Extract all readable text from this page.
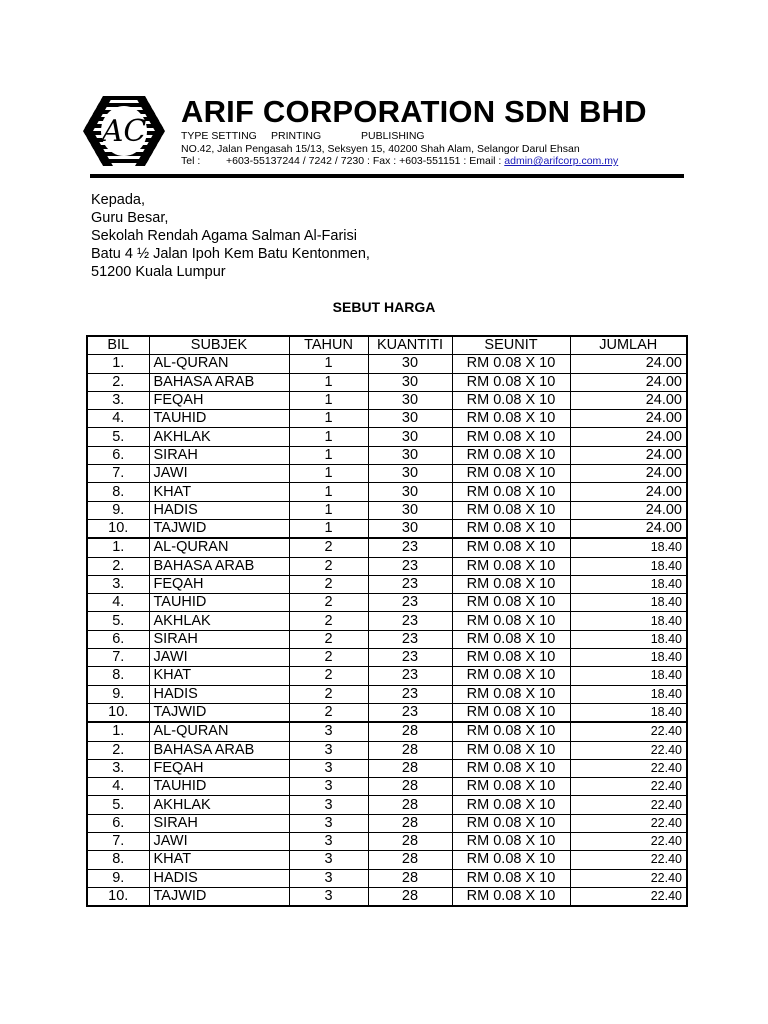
AC
ARIF CORPORATION SDN BHD
TYPE SETTING PRINTING	PUBLISHING
NO.42, Jalan Pengasah 15/13, Seksyen 15, 40200 Shah Alam, Selangor Darul Ehsan
Tel : +603-55137244 / 7242 / 7230 : Fax : +603-551151 : Email : admin@arifcorp.com.my
Kepada,
Guru Besar,
Sekolah Rendah Agama Salman Al-Farisi
Batu 4 ½ Jalan Ipoh Kem Batu Kentonmen,
51200 Kuala Lumpur
SEBUT HARGA
BIL	SUBJEK	TAHUN	KUANTITI	SEUNIT	JUMLAH
1.	AL-QURAN	1	30	RM 0.08 X 10	24.00
2.	BAHASA ARAB	1	30	RM 0.08 X 10	24.00
3.	FEQAH	1	30	RM 0.08 X 10	24.00
4.	TAUHID	1	30	RM 0.08 X 10	24.00
5.	AKHLAK	1	30	RM 0.08 X 10	24.00
6.	SIRAH	1	30	RM 0.08 X 10	24.00
7.	JAWI	1	30	RM 0.08 X 10	24.00
8.	KHAT	1	30	RM 0.08 X 10	24.00
9.	HADIS	1	30	RM 0.08 X 10	24.00
10.	TAJWID	1	30	RM 0.08 X 10	24.00
1.	AL-QURAN	2	23	RM 0.08 X 10	18.40
2.	BAHASA ARAB	2	23	RM 0.08 X 10	18.40
3.	FEQAH	2	23	RM 0.08 X 10	18.40
4.	TAUHID	2	23	RM 0.08 X 10	18.40
5.	AKHLAK	2	23	RM 0.08 X 10	18.40
6.	SIRAH	2	23	RM 0.08 X 10	18.40
7.	JAWI	2	23	RM 0.08 X 10	18.40
8.	KHAT	2	23	RM 0.08 X 10	18.40
9.	HADIS	2	23	RM 0.08 X 10	18.40
10.	TAJWID	2	23	RM 0.08 X 10	18.40
1.	AL-QURAN	3	28	RM 0.08 X 10	22.40
2.	BAHASA ARAB	3	28	RM 0.08 X 10	22.40
3.	FEQAH	3	28	RM 0.08 X 10	22.40
4.	TAUHID	3	28	RM 0.08 X 10	22.40
5.	AKHLAK	3	28	RM 0.08 X 10	22.40
6.	SIRAH	3	28	RM 0.08 X 10	22.40
7.	JAWI	3	28	RM 0.08 X 10	22.40
8.	KHAT	3	28	RM 0.08 X 10	22.40
9.	HADIS	3	28	RM 0.08 X 10	22.40
10.	TAJWID	3	28	RM 0.08 X 10	22.40
